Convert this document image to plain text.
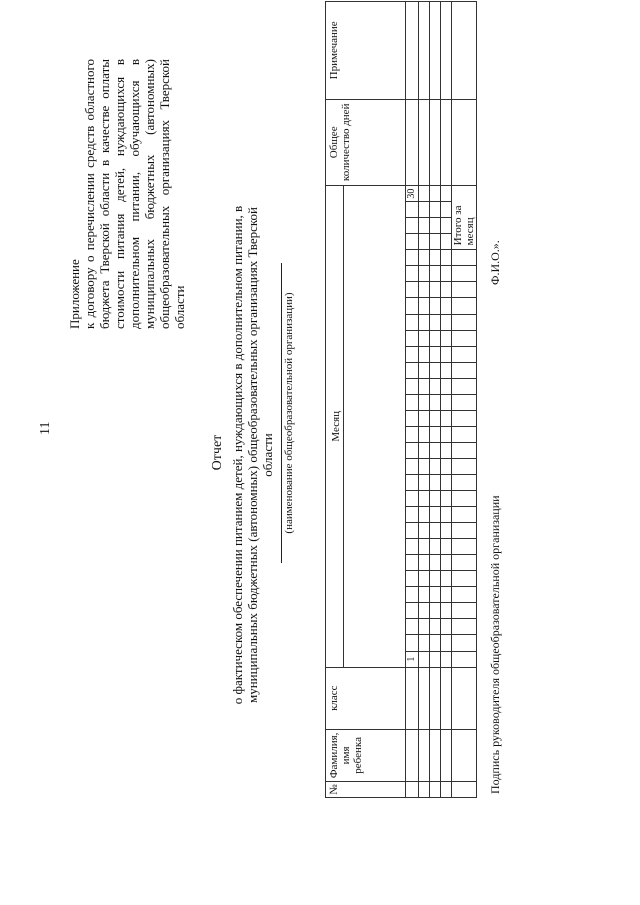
11
Приложение к договору о перечислении средств областного бюджета Тверской области в качестве оплаты стоимости питания детей, нуждающихся в дополнительном питании, обучающихся в муниципальных бюджетных (автономных) общеобразовательных организациях Тверской области
Отчет о фактическом обеспечении питанием детей, нуждающихся в дополнительном питании, в муниципальных бюджетных (автономных) общеобразовательных организациях Тверской области (наименование общеобразовательной организации)
№	Фамилия, имя ребенка	класс	Месяц																														Общее количество дней	Примечание

			1																													30		

																													Итого за месяц					
Подпись руководителя общеобразовательной организации
Ф.И.О.».
